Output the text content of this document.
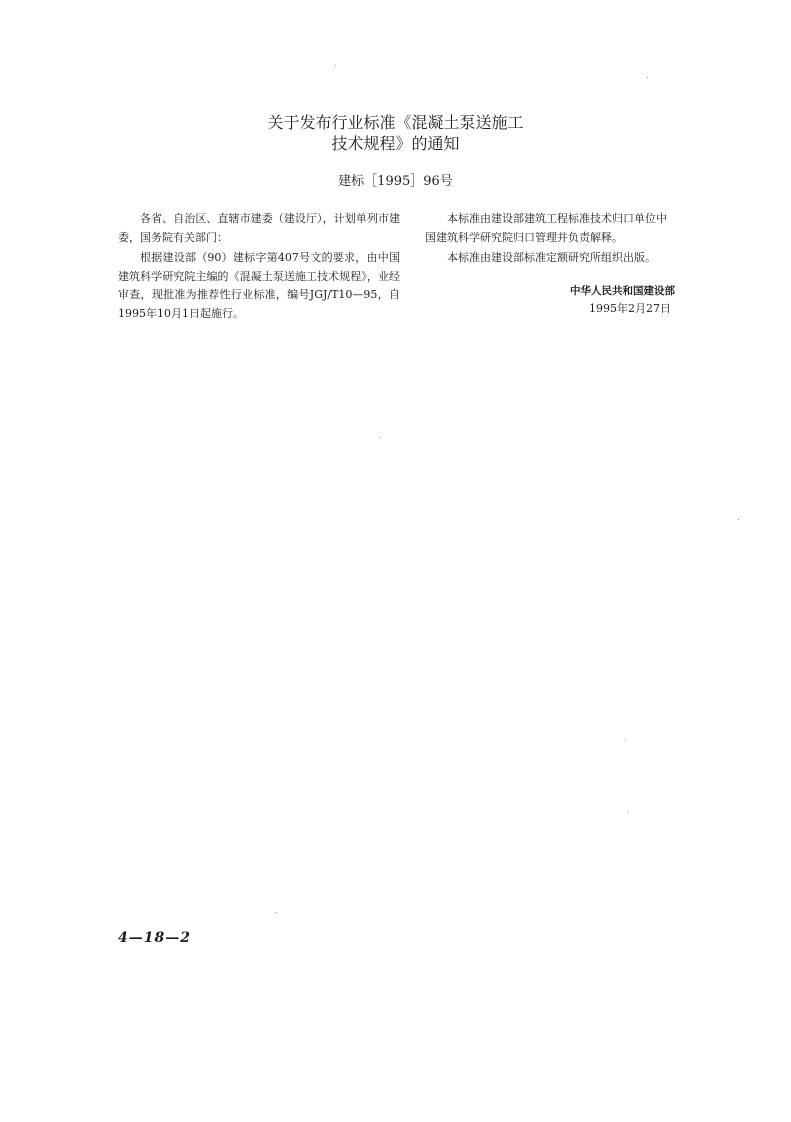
关于发布行业标准《混凝土泵送施工
技术规程》的通知
建标［1995］96号

各省、自治区、直辖市建委（建设厅），计划单列市建委，国务院有关部门：

根据建设部（90）建标字第407号文的要求，由中国建筑科学研究院主编的《混凝土泵送施工技术规程》，业经审查，现批准为推荐性行业标准，编号JGJ/T10—95，自1995年10月1日起施行。

本标准由建设部建筑工程标准技术归口单位中国建筑科学研究院归口管理并负责解释。

本标准由建设部标准定额研究所组织出版。

中华人民共和国建设部
1995年2月27日
4—18—2
